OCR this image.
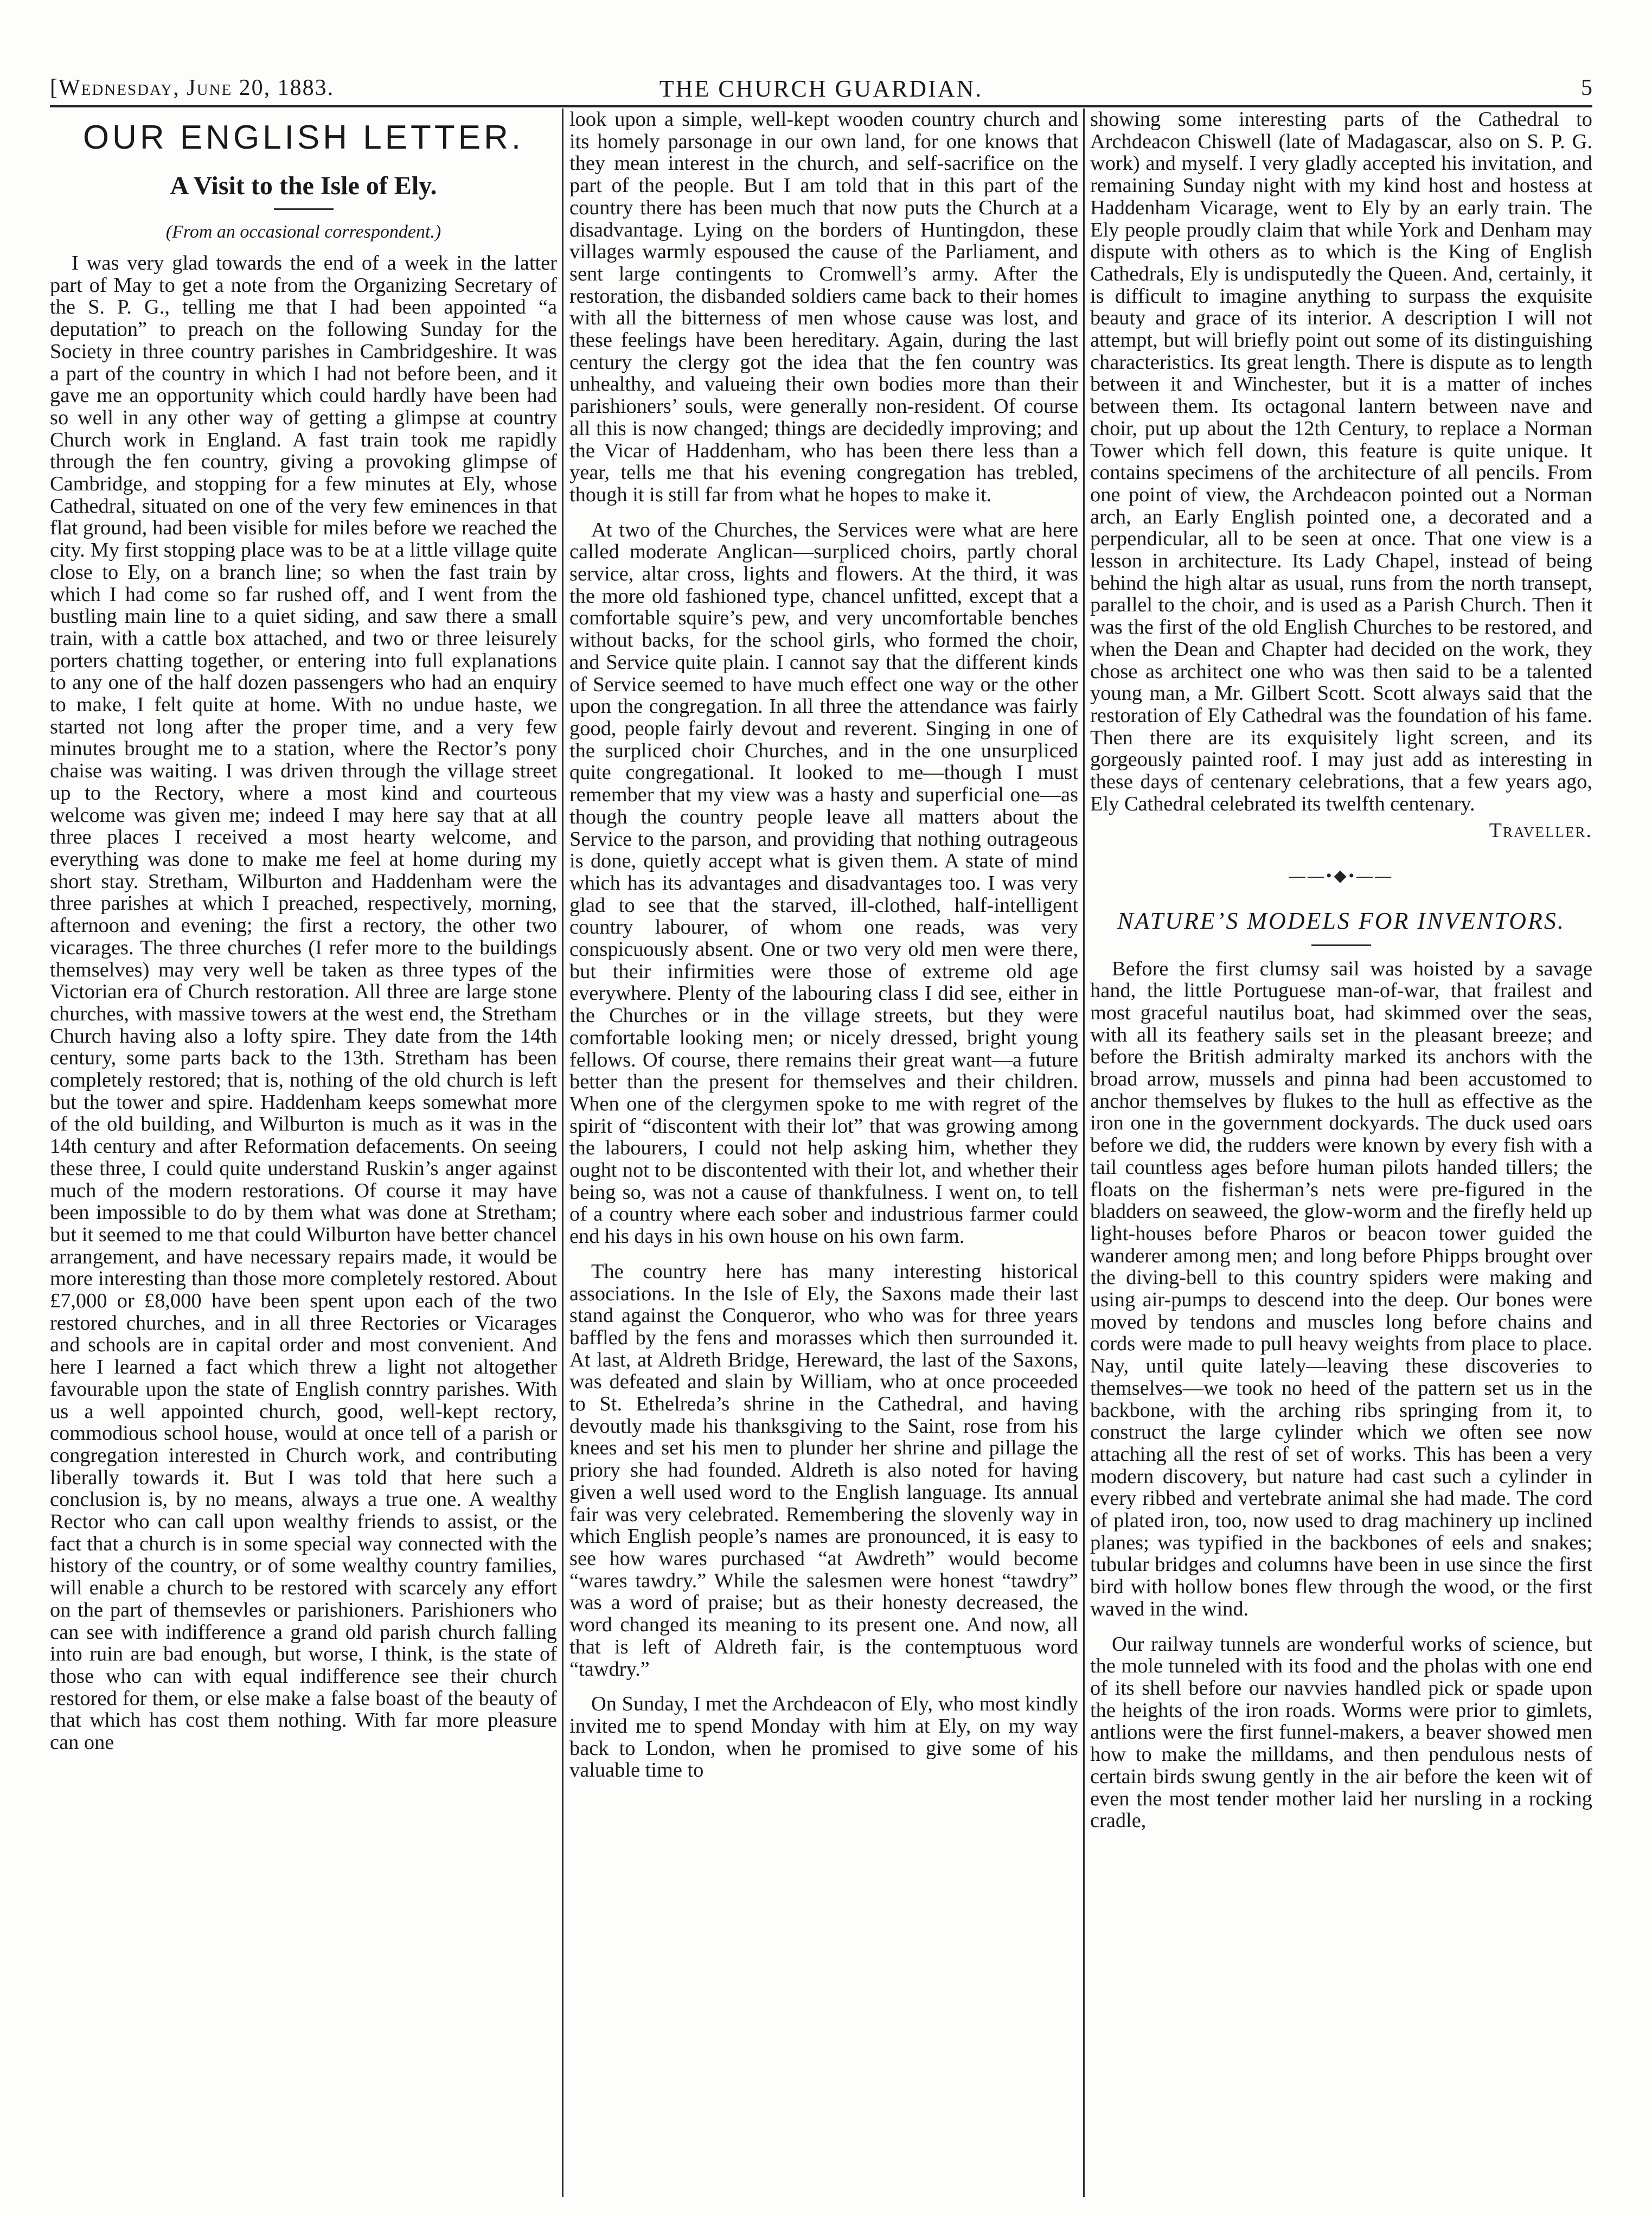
[Wednesday, June 20, 1883.	THE CHURCH GUARDIAN.	5
OUR ENGLISH LETTER.
A Visit to the Isle of Ely.
(From an occasional correspondent.)

I was very glad towards the end of a week in the latter part of May to get a note from the Organizing Secretary of the S. P. G., telling me that I had been appointed “a deputation” to preach on the following Sunday for the Society in three country parishes in Cambridgeshire. It was a part of the country in which I had not before been, and it gave me an opportunity which could hardly have been had so well in any other way of getting a glimpse at country Church work in England. A fast train took me rapidly through the fen country, giving a provoking glimpse of Cambridge, and stopping for a few minutes at Ely, whose Cathedral, situated on one of the very few eminences in that flat ground, had been visible for miles before we reached the city. My first stopping place was to be at a little village quite close to Ely, on a branch line; so when the fast train by which I had come so far rushed off, and I went from the bustling main line to a quiet siding, and saw there a small train, with a cattle box attached, and two or three leisurely porters chatting together, or entering into full explanations to any one of the half dozen passengers who had an enquiry to make, I felt quite at home. With no undue haste, we started not long after the proper time, and a very few minutes brought me to a station, where the Rector’s pony chaise was waiting. I was driven through the village street up to the Rectory, where a most kind and courteous welcome was given me; indeed I may here say that at all three places I received a most hearty welcome, and everything was done to make me feel at home during my short stay. Stretham, Wilburton and Haddenham were the three parishes at which I preached, respectively, morning, afternoon and evening; the first a rectory, the other two vicarages. The three churches (I refer more to the buildings themselves) may very well be taken as three types of the Victorian era of Church restoration. All three are large stone churches, with massive towers at the west end, the Stretham Church having also a lofty spire. They date from the 14th century, some parts back to the 13th. Stretham has been completely restored; that is, nothing of the old church is left but the tower and spire. Haddenham keeps somewhat more of the old building, and Wilburton is much as it was in the 14th century and after Reformation defacements. On seeing these three, I could quite understand Ruskin’s anger against much of the modern restorations. Of course it may have been impossible to do by them what was done at Stretham; but it seemed to me that could Wilburton have better chancel arrangement, and have necessary repairs made, it would be more interesting than those more completely restored. About £7,000 or £8,000 have been spent upon each of the two restored churches, and in all three Rectories or Vicarages and schools are in capital order and most convenient. And here I learned a fact which threw a light not altogether favourable upon the state of English conntry parishes. With us a well appointed church, good, well-kept rectory, commodious school house, would at once tell of a parish or congregation interested in Church work, and contributing liberally towards it. But I was told that here such a conclusion is, by no means, always a true one. A wealthy Rector who can call upon wealthy friends to assist, or the fact that a church is in some special way connected with the history of the country, or of some wealthy country families, will enable a church to be restored with scarcely any effort on the part of themsevles or parishioners. Parishioners who can see with indifference a grand old parish church falling into ruin are bad enough, but worse, I think, is the state of those who can with equal indifference see their church restored for them, or else make a false boast of the beauty of that which has cost them nothing. With far more pleasure can one

look upon a simple, well-kept wooden country church and its homely parsonage in our own land, for one knows that they mean interest in the church, and self-sacrifice on the part of the people. But I am told that in this part of the country there has been much that now puts the Church at a disadvantage. Lying on the borders of Huntingdon, these villages warmly espoused the cause of the Parliament, and sent large contingents to Cromwell’s army. After the restoration, the disbanded soldiers came back to their homes with all the bitterness of men whose cause was lost, and these feelings have been hereditary. Again, during the last century the clergy got the idea that the fen country was unhealthy, and valueing their own bodies more than their parishioners’ souls, were generally non-resident. Of course all this is now changed; things are decidedly improving; and the Vicar of Haddenham, who has been there less than a year, tells me that his evening congregation has trebled, though it is still far from what he hopes to make it.

At two of the Churches, the Services were what are here called moderate Anglican—surpliced choirs, partly choral service, altar cross, lights and flowers. At the third, it was the more old fashioned type, chancel unfitted, except that a comfortable squire’s pew, and very uncomfortable benches without backs, for the school girls, who formed the choir, and Service quite plain. I cannot say that the different kinds of Service seemed to have much effect one way or the other upon the congregation. In all three the attendance was fairly good, people fairly devout and reverent. Singing in one of the surpliced choir Churches, and in the one unsurpliced quite congregational. It looked to me—though I must remember that my view was a hasty and superficial one—as though the country people leave all matters about the Service to the parson, and providing that nothing outrageous is done, quietly accept what is given them. A state of mind which has its advantages and disadvantages too. I was very glad to see that the starved, ill-clothed, half-intelligent country labourer, of whom one reads, was very conspicuously absent. One or two very old men were there, but their infirmities were those of extreme old age everywhere. Plenty of the labouring class I did see, either in the Churches or in the village streets, but they were comfortable looking men; or nicely dressed, bright young fellows. Of course, there remains their great want—a future better than the present for themselves and their children. When one of the clergymen spoke to me with regret of the spirit of “discontent with their lot” that was growing among the labourers, I could not help asking him, whether they ought not to be discontented with their lot, and whether their being so, was not a cause of thankfulness. I went on, to tell of a country where each sober and industrious farmer could end his days in his own house on his own farm.

The country here has many interesting historical associations. In the Isle of Ely, the Saxons made their last stand against the Conqueror, who who was for three years baffled by the fens and morasses which then surrounded it. At last, at Aldreth Bridge, Hereward, the last of the Saxons, was defeated and slain by William, who at once proceeded to St. Ethelreda’s shrine in the Cathedral, and having devoutly made his thanksgiving to the Saint, rose from his knees and set his men to plunder her shrine and pillage the priory she had founded. Aldreth is also noted for having given a well used word to the English language. Its annual fair was very celebrated. Remembering the slovenly way in which English people’s names are pronounced, it is easy to see how wares purchased “at Awdreth” would become “wares tawdry.” While the salesmen were honest “tawdry” was a word of praise; but as their honesty decreased, the word changed its meaning to its present one. And now, all that is left of Aldreth fair, is the contemptuous word “tawdry.”

On Sunday, I met the Archdeacon of Ely, who most kindly invited me to spend Monday with him at Ely, on my way back to London, when he promised to give some of his valuable time to

showing some interesting parts of the Cathedral to Archdeacon Chiswell (late of Madagascar, also on S. P. G. work) and myself. I very gladly accepted his invitation, and remaining Sunday night with my kind host and hostess at Haddenham Vicarage, went to Ely by an early train. The Ely people proudly claim that while York and Denham may dispute with others as to which is the King of English Cathedrals, Ely is undisputedly the Queen. And, certainly, it is difficult to imagine anything to surpass the exquisite beauty and grace of its interior. A description I will not attempt, but will briefly point out some of its distinguishing characteristics. Its great length. There is dispute as to length between it and Winchester, but it is a matter of inches between them. Its octagonal lantern between nave and choir, put up about the 12th Century, to replace a Norman Tower which fell down, this feature is quite unique. It contains specimens of the architecture of all pencils. From one point of view, the Archdeacon pointed out a Norman arch, an Early English pointed one, a decorated and a perpendicular, all to be seen at once. That one view is a lesson in architecture. Its Lady Chapel, instead of being behind the high altar as usual, runs from the north transept, parallel to the choir, and is used as a Parish Church. Then it was the first of the old English Churches to be restored, and when the Dean and Chapter had decided on the work, they chose as architect one who was then said to be a talented young man, a Mr. Gilbert Scott. Scott always said that the restoration of Ely Cathedral was the foundation of his fame. Then there are its exquisitely light screen, and its gorgeously painted roof. I may just add as interesting in these days of centenary celebrations, that a few years ago, Ely Cathedral celebrated its twelfth centenary.

Traveller.
——•◆•——
NATURE’S MODELS FOR INVENTORS.

Before the first clumsy sail was hoisted by a savage hand, the little Portuguese man-of-war, that frailest and most graceful nautilus boat, had skimmed over the seas, with all its feathery sails set in the pleasant breeze; and before the British admiralty marked its anchors with the broad arrow, mussels and pinna had been accustomed to anchor themselves by flukes to the hull as effective as the iron one in the government dockyards. The duck used oars before we did, the rudders were known by every fish with a tail countless ages before human pilots handed tillers; the floats on the fisherman’s nets were pre-figured in the bladders on seaweed, the glow-worm and the firefly held up light-houses before Pharos or beacon tower guided the wanderer among men; and long before Phipps brought over the diving-bell to this country spiders were making and using air-pumps to descend into the deep. Our bones were moved by tendons and muscles long before chains and cords were made to pull heavy weights from place to place. Nay, until quite lately—leaving these discoveries to themselves—we took no heed of the pattern set us in the backbone, with the arching ribs springing from it, to construct the large cylinder which we often see now attaching all the rest of set of works. This has been a very modern discovery, but nature had cast such a cylinder in every ribbed and vertebrate animal she had made. The cord of plated iron, too, now used to drag machinery up inclined planes; was typified in the backbones of eels and snakes; tubular bridges and columns have been in use since the first bird with hollow bones flew through the wood, or the first waved in the wind.

Our railway tunnels are wonderful works of science, but the mole tunneled with its food and the pholas with one end of its shell before our navvies handled pick or spade upon the heights of the iron roads. Worms were prior to gimlets, antlions were the first funnel-makers, a beaver showed men how to make the milldams, and then pendulous nests of certain birds swung gently in the air before the keen wit of even the most tender mother laid her nursling in a rocking cradle,
